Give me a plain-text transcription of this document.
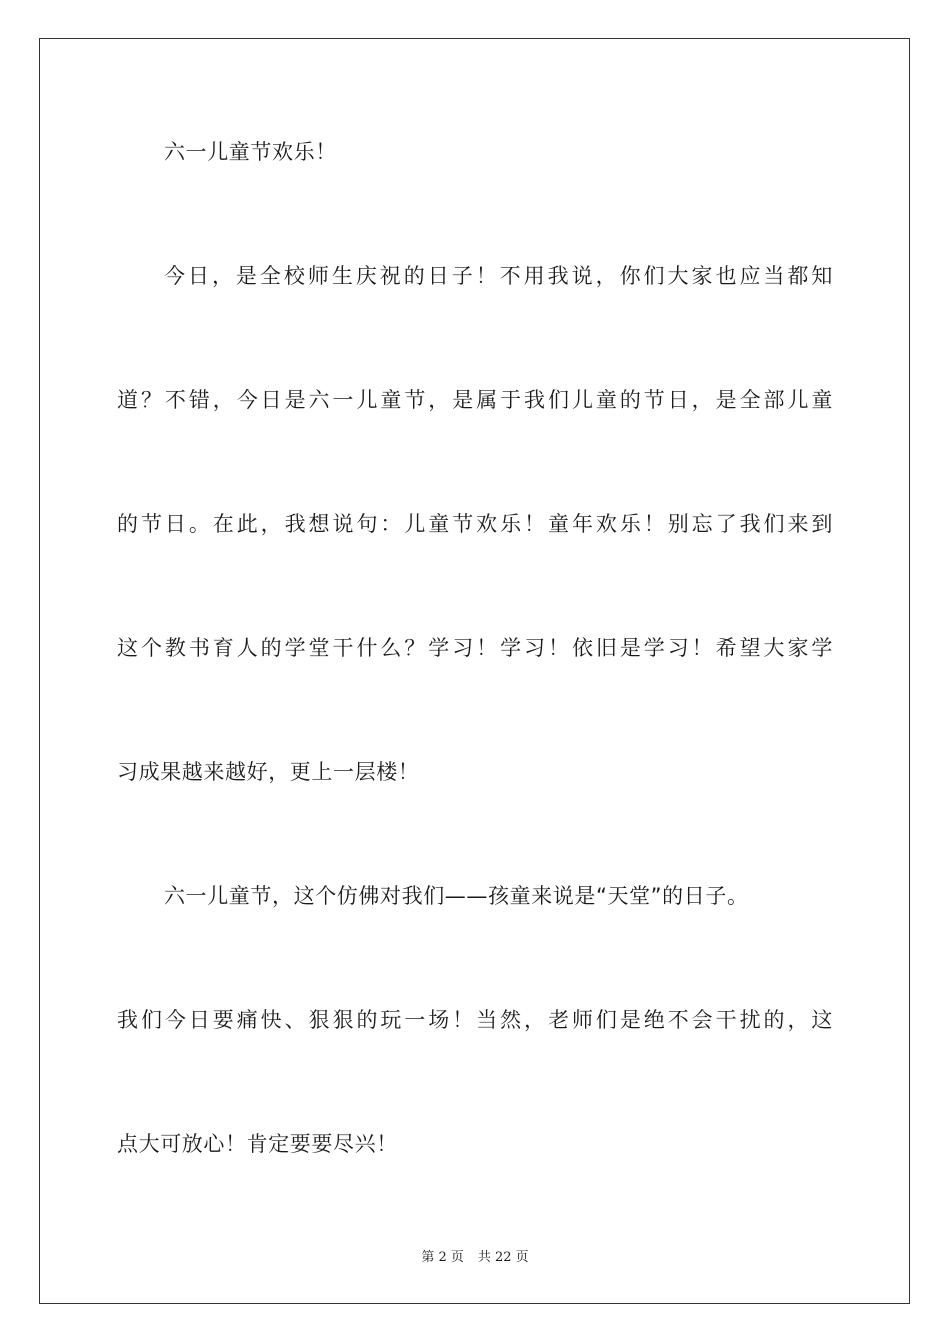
六一儿童节欢乐！
今日，是全校师生庆祝的日子！不用我说，你们大家也应当都知
道？不错，今日是六一儿童节，是属于我们儿童的节日，是全部儿童
的节日。在此，我想说句：儿童节欢乐！童年欢乐！别忘了我们来到
这个教书育人的学堂干什么？学习！学习！依旧是学习！希望大家学
习成果越来越好，更上一层楼！
六一儿童节，这个仿佛对我们——孩童来说是“天堂”的日子。
我们今日要痛快、狠狠的玩一场！当然，老师们是绝不会干扰的，这
点大可放心！肯定要要尽兴！
第 2 页 共 22 页
